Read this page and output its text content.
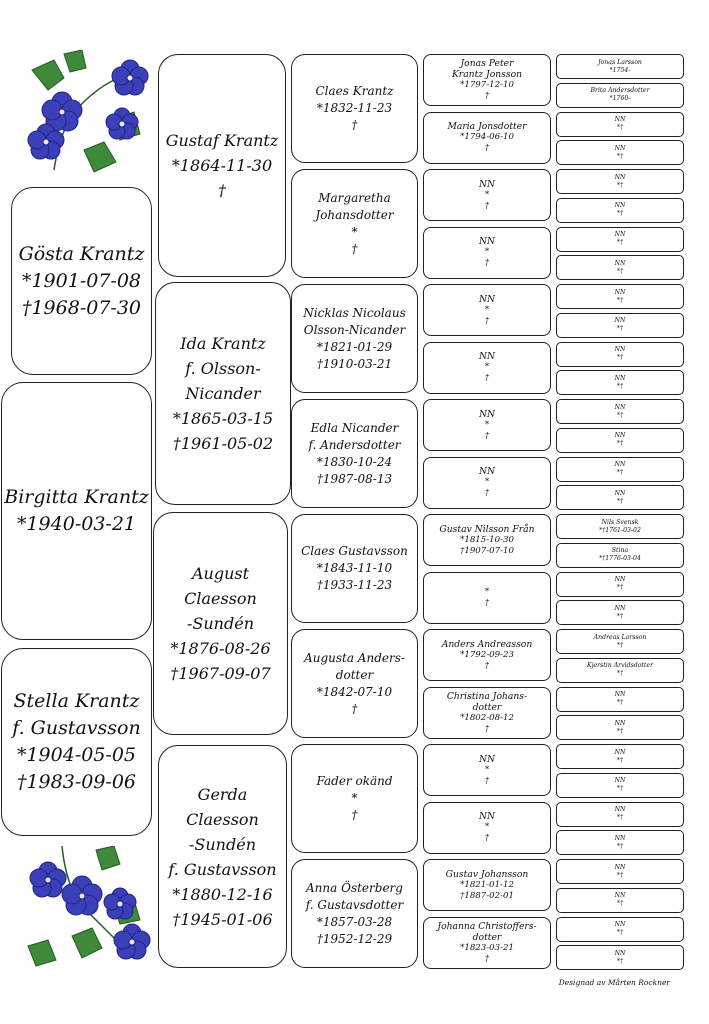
Gösta Krantz
*1901-07-08
†1968-07-30
Birgitta Krantz
*1940-03-21
Stella Krantz
f. Gustavsson
*1904-05-05
†1983-09-06
Gustaf Krantz
*1864-11-30
†
Ida Krantz
f. Olsson-
Nicander
*1865-03-15
†1961-05-02
August Claesson
-Sundén
*1876-08-26
†1967-09-07
Gerda Claesson
-Sundén
f. Gustavsson
*1880-12-16
†1945-01-06
Claes Krantz
*1832-11-23
†
Margaretha
Johansdotter
*
†
Nicklas Nicolaus
Olsson-Nicander
*1821-01-29
†1910-03-21
Edla Nicander
f. Andersdotter
*1830-10-24
†1987-08-13
Claes Gustavsson
*1843-11-10
†1933-11-23
Augusta Anders-
dotter
*1842-07-10
†
Fader okänd
*
†
Anna Österberg
f. Gustavsdotter
*1857-03-28
†1952-12-29
Jonas Peter
Krantz Jonsson
*1797-12-10
†
Maria Jonsdotter
*1794-06-10
†
NN
*
†
NN
*
†
NN
*
†
NN
*
†
NN
*
†
NN
*
†
Gustav Nilsson Från
*1815-10-30
†1907-07-10
*
†
Anders Andreasson
*1792-09-23
†
Christina Johans-
dotter
*1802-08-12
†
NN
*
†
NN
*
†
Gustav Johansson
*1821-01-12
†1887-02-01
Johanna Christoffers-
dotter
*1823-03-21
†
Jonas Larsson
*1754-
Brita Andersdotter
*1760-
NN
*†
NN
*†
NN
*†
NN
*†
NN
*†
NN
*†
NN
*†
NN
*†
NN
*†
NN
*†
NN
*†
NN
*†
NN
*†
NN
*†
Nils Svensk
*†1761-03-02
Stina
*†1776-03-04
NN
*†
NN
*†
Andreas Larsson
*†
Kjerstin Arvidsdotter
*†
NN
*†
NN
*†
NN
*†
NN
*†
NN
*†
NN
*†
NN
*†
NN
*†
NN
*†
NN
*†
Designad av Mårten Rockner
